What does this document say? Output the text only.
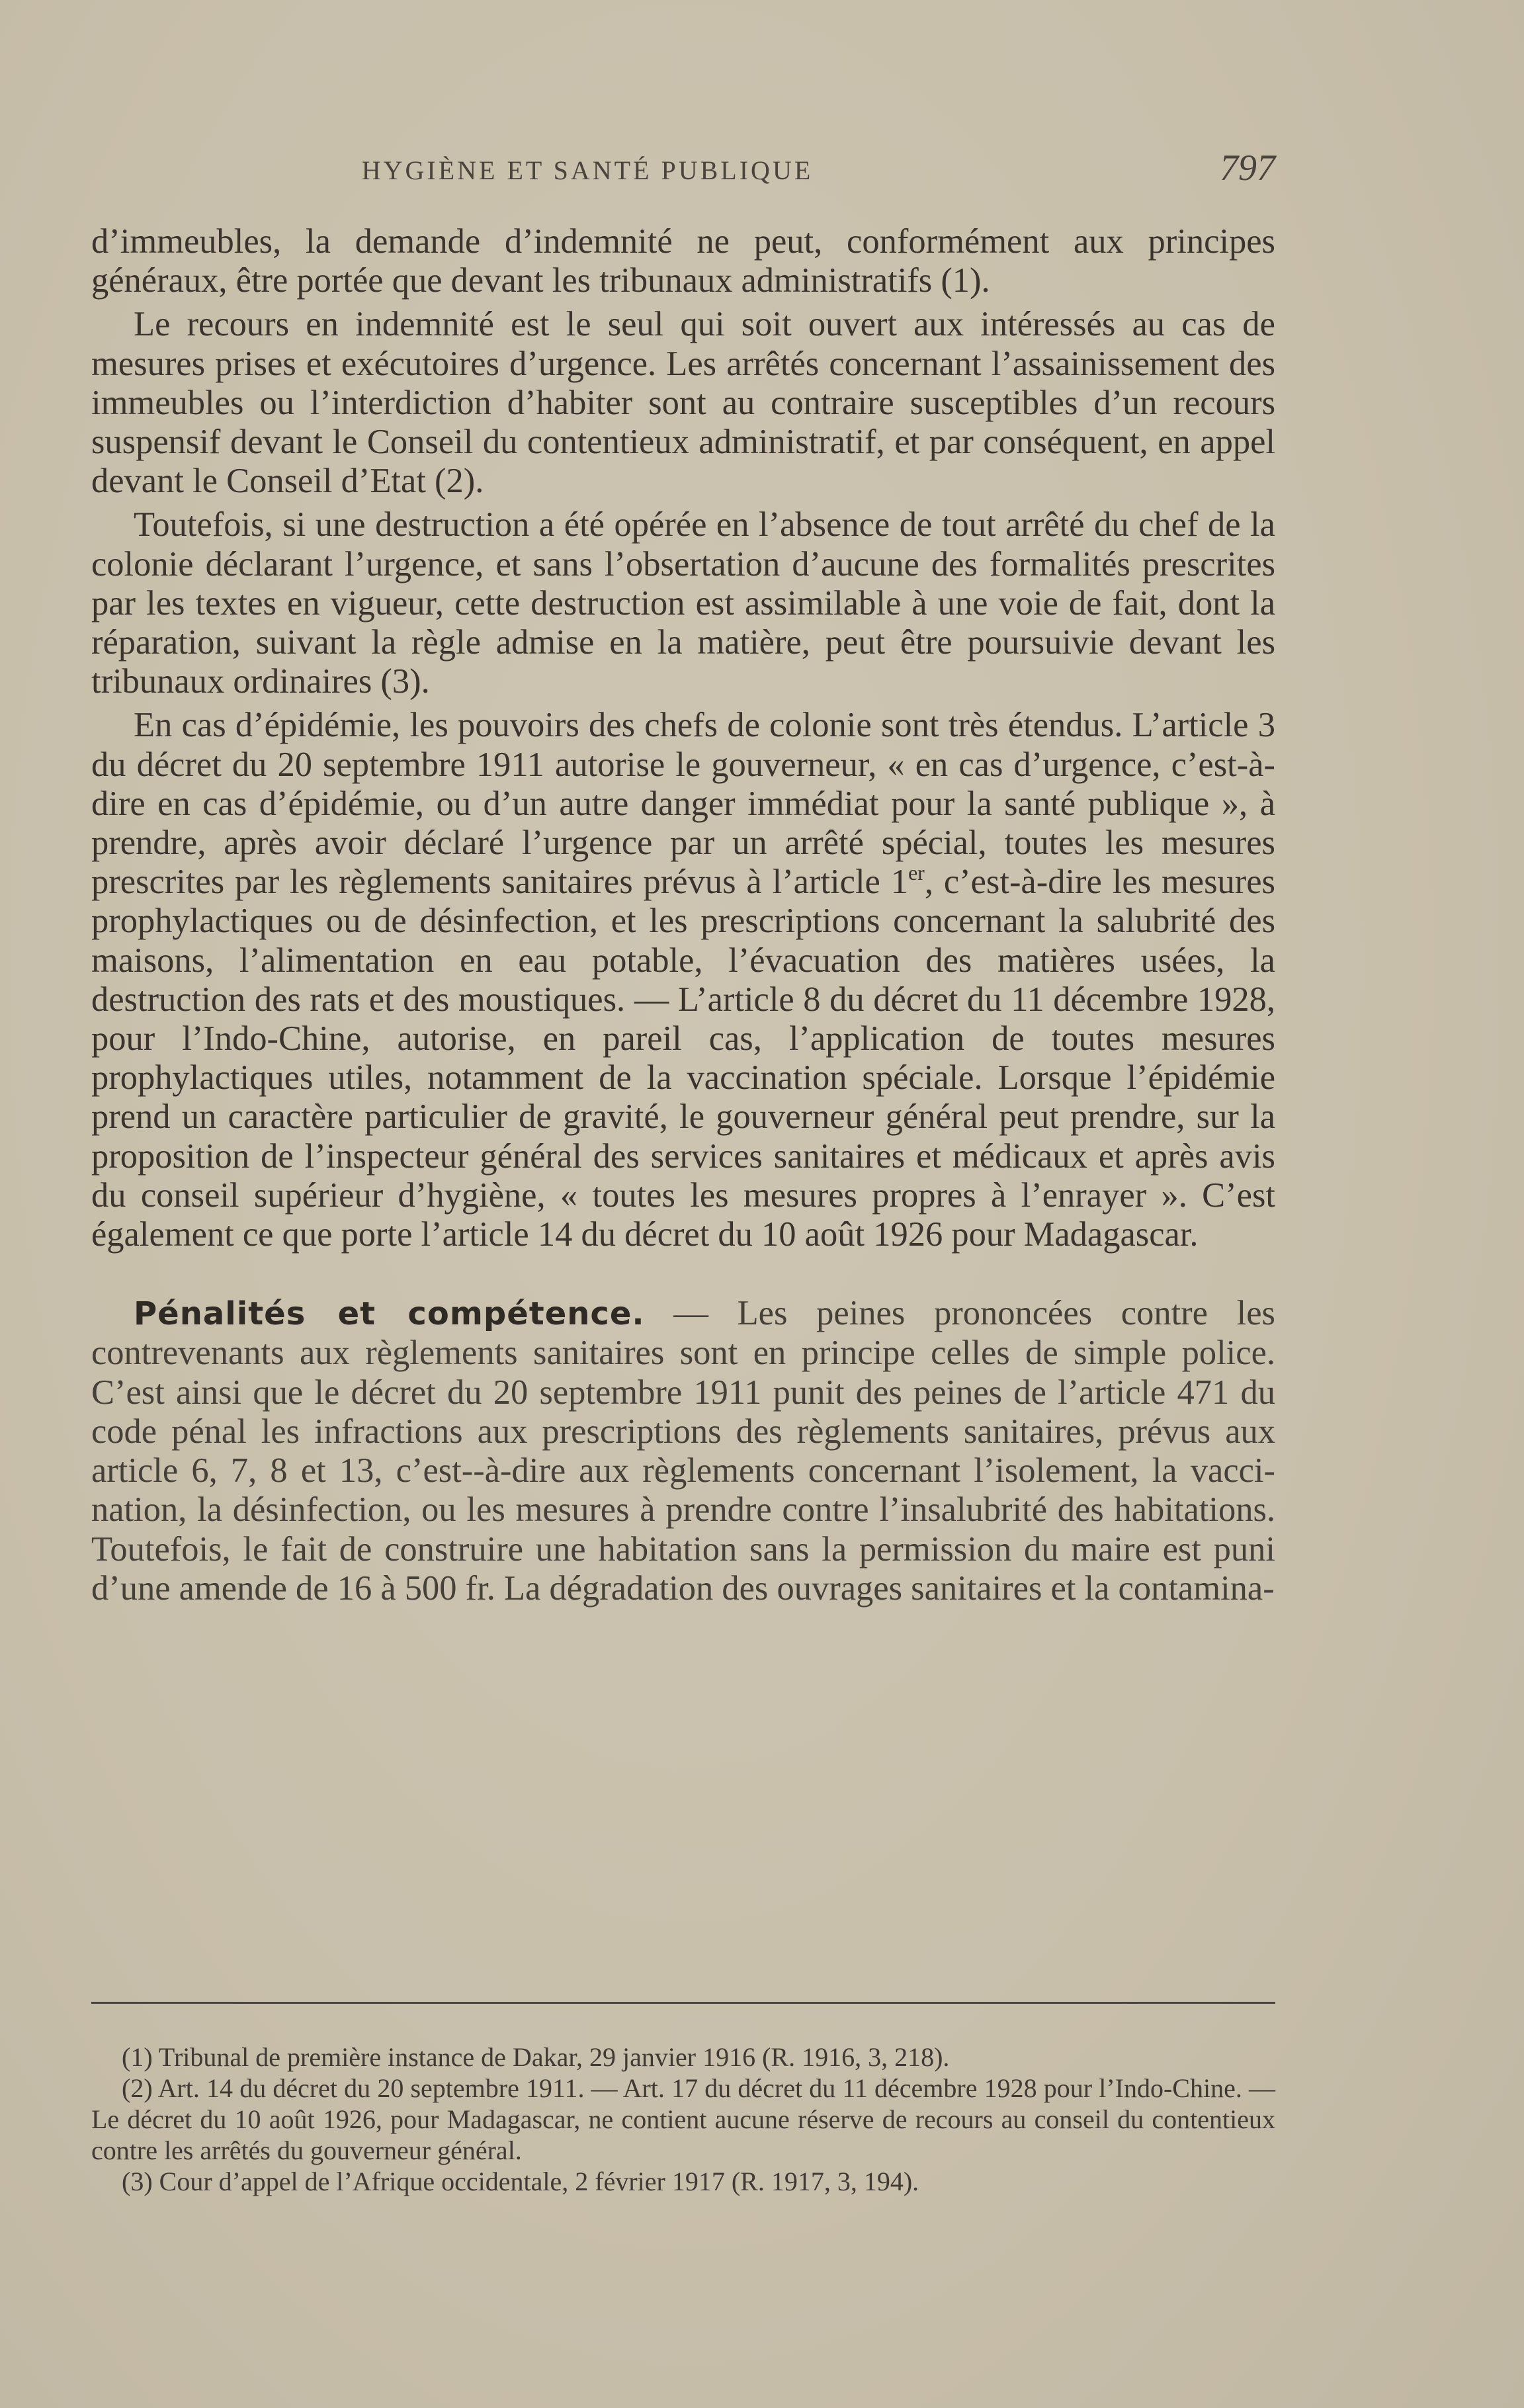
HYGIÈNE ET SANTÉ PUBLIQUE	797

d’immeubles, la demande d’indemnité ne peut, conformément aux principes généraux, être portée que devant les tribunaux administratifs (1).

Le recours en indemnité est le seul qui soit ouvert aux intéressés au cas de mesures prises et exécutoires d’urgence. Les arrêtés concernant l’assainissement des immeubles ou l’interdiction d’habiter sont au contraire susceptibles d’un recours suspensif devant le Conseil du contentieux administratif, et par conséquent, en appel devant le Conseil d’Etat (2).

Toutefois, si une destruction a été opérée en l’absence de tout arrêté du chef de la colonie déclarant l’urgence, et sans l’obsertation d’aucune des formalités prescrites par les textes en vigueur, cette destruction est assimilable à une voie de fait, dont la réparation, suivant la règle admise en la matière, peut être poursuivie devant les tribunaux ordinaires (3).

En cas d’épidémie, les pouvoirs des chefs de colonie sont très étendus. L’article 3 du décret du 20 septembre 1911 autorise le gouverneur, « en cas d’urgence, c’est-à-dire en cas d’épidémie, ou d’un autre danger immédiat pour la santé publique », à prendre, après avoir déclaré l’urgence par un arrêté spécial, toutes les mesures prescrites par les règlements sanitaires prévus à l’article 1er, c’est-à-dire les mesures prophylactiques ou de désinfection, et les prescriptions concernant la salubrité des maisons, l’alimentation en eau potable, l’évacuation des matières usées, la destruction des rats et des moustiques. — L’article 8 du décret du 11 décembre 1928, pour l’Indo-Chine, autorise, en pareil cas, l’application de toutes mesures prophylactiques utiles, notamment de la vaccination spéciale. Lorsque l’épidémie prend un caractère particulier de gravité, le gouverneur général peut prendre, sur la proposition de l’inspecteur général des services sanitaires et médicaux et après avis du conseil supérieur d’hygiène, « toutes les mesures propres à l’enrayer ». C’est également ce que porte l’article 14 du décret du 10 août 1926 pour Madagascar.

Pénalités et compétence. — Les peines prononcées contre les contrevenants aux règlements sanitaires sont en principe celles de simple police. C’est ainsi que le décret du 20 septembre 1911 punit des peines de l’article 471 du code pénal les infractions aux prescriptions des règlements sanitaires, prévus aux article 6, 7, 8 et 13, c’est--à-dire aux règlements concernant l’isolement, la vaccination, la désinfection, ou les mesures à prendre contre l’insalubrité des habitations. Toutefois, le fait de construire une habitation sans la permission du maire est puni d’une amende de 16 à 500 fr. La dégradation des ouvrages sanitaires et la contamina-

(1) Tribunal de première instance de Dakar, 29 janvier 1916 (R. 1916, 3, 218).

(2) Art. 14 du décret du 20 septembre 1911. — Art. 17 du décret du 11 décembre 1928 pour l’Indo-Chine. — Le décret du 10 août 1926, pour Madagascar, ne contient aucune réserve de recours au conseil du contentieux contre les arrêtés du gouverneur général.

(3) Cour d’appel de l’Afrique occidentale, 2 février 1917 (R. 1917, 3, 194).
